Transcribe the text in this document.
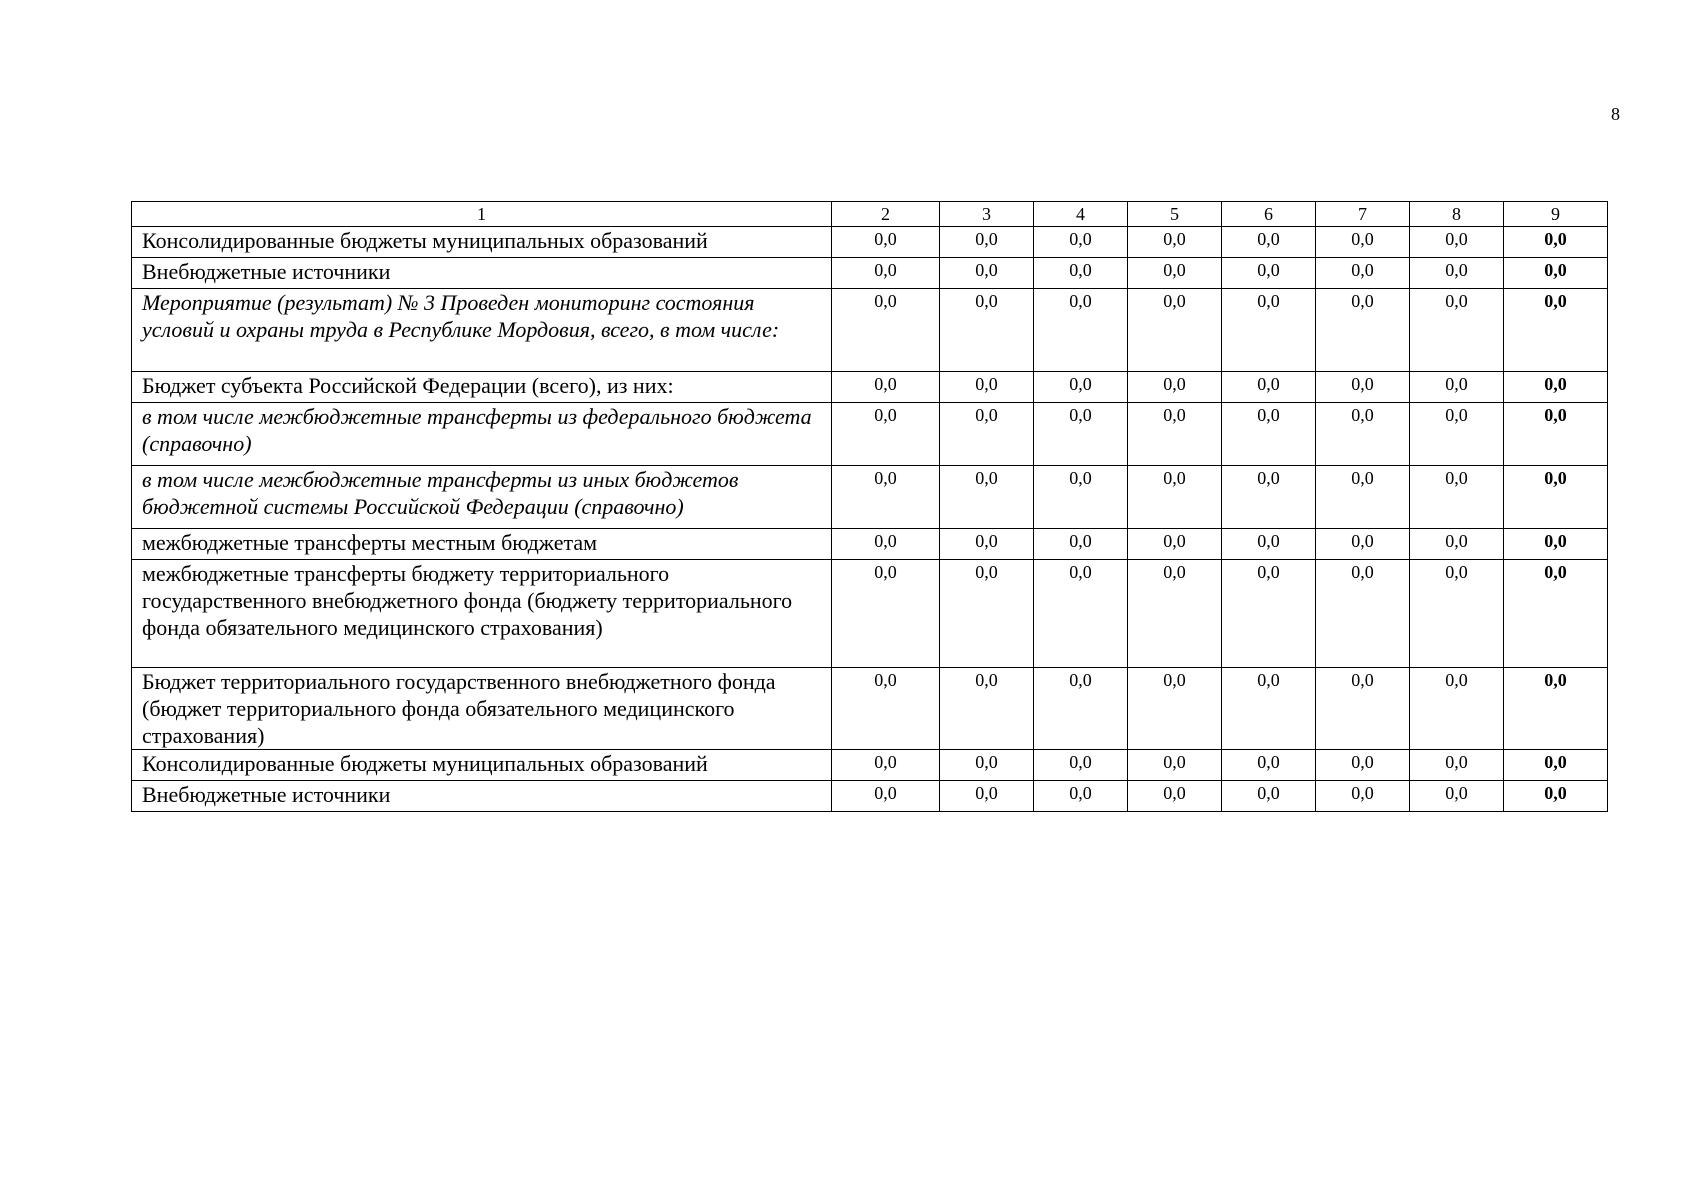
8
1	2	3	4	5	6	7	8	9
Консолидированные бюджеты муниципальных образований	0,0	0,0	0,0	0,0	0,0	0,0	0,0	0,0
Внебюджетные источники	0,0	0,0	0,0	0,0	0,0	0,0	0,0	0,0
Мероприятие (результат) № 3 Проведен мониторинг состояния условий и охраны труда в Республике Мордовия, всего, в том числе:	0,0	0,0	0,0	0,0	0,0	0,0	0,0	0,0
Бюджет субъекта Российской Федерации (всего), из них:	0,0	0,0	0,0	0,0	0,0	0,0	0,0	0,0
в том числе межбюджетные трансферты из федерального бюджета (справочно)	0,0	0,0	0,0	0,0	0,0	0,0	0,0	0,0
в том числе межбюджетные трансферты из иных бюджетов бюджетной системы Российской Федерации (справочно)	0,0	0,0	0,0	0,0	0,0	0,0	0,0	0,0
межбюджетные трансферты местным бюджетам	0,0	0,0	0,0	0,0	0,0	0,0	0,0	0,0
межбюджетные трансферты бюджету территориального государственного внебюджетного фонда (бюджету территориального фонда обязательного медицинского страхования)	0,0	0,0	0,0	0,0	0,0	0,0	0,0	0,0
Бюджет территориального государственного внебюджетного фонда (бюджет территориального фонда обязательного медицинского страхования)	0,0	0,0	0,0	0,0	0,0	0,0	0,0	0,0
Консолидированные бюджеты муниципальных образований	0,0	0,0	0,0	0,0	0,0	0,0	0,0	0,0
Внебюджетные источники	0,0	0,0	0,0	0,0	0,0	0,0	0,0	0,0
